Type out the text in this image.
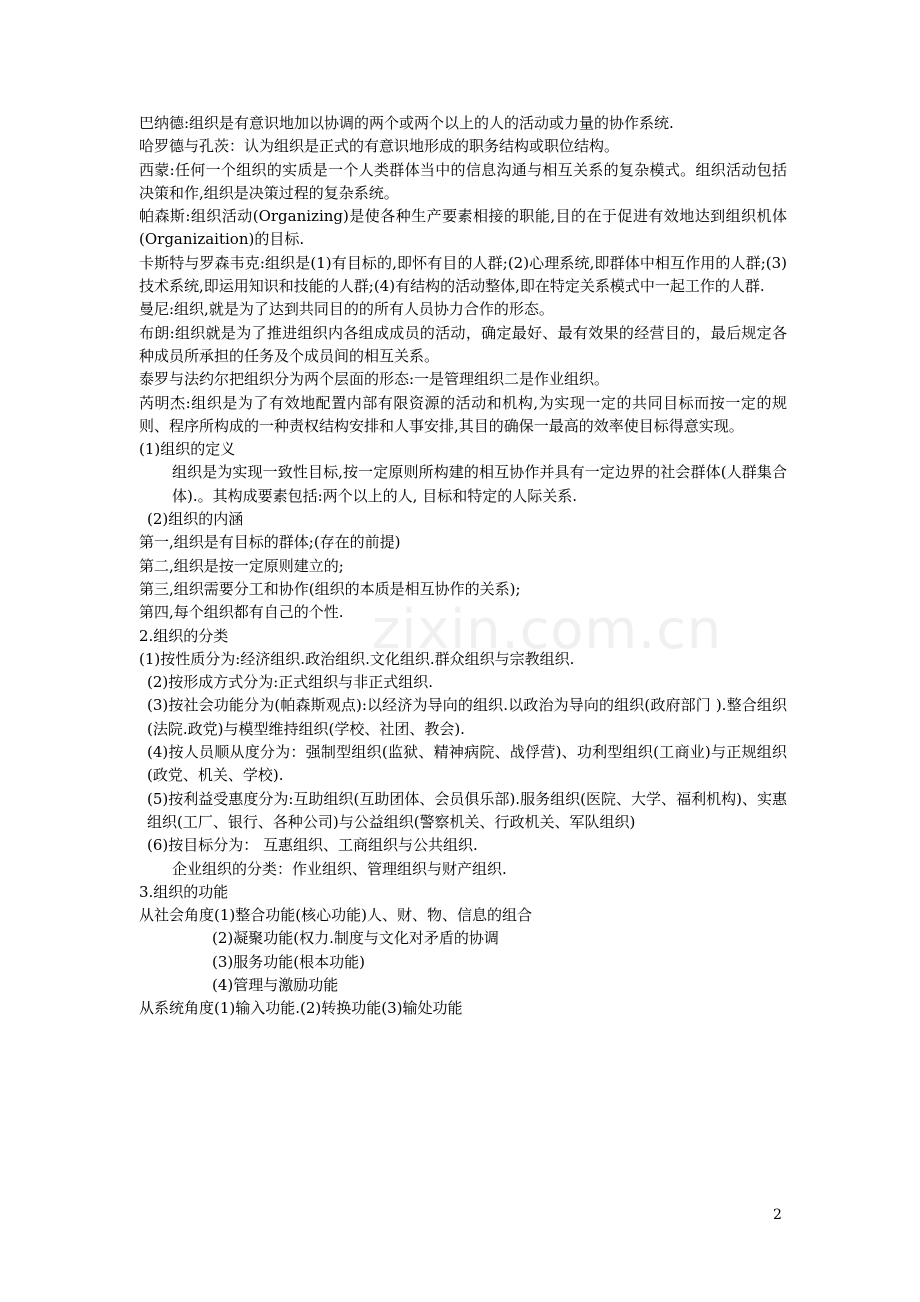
zixin.com.cn

巴纳德:组织是有意识地加以协调的两个或两个以上的人的活动或力量的协作系统.

哈罗德与孔茨：认为组织是正式的有意识地形成的职务结构或职位结构。

西蒙:任何一个组织的实质是一个人类群体当中的信息沟通与相互关系的复杂模式。组织活动包括决策和作,组织是决策过程的复杂系统。

帕森斯:组织活动(Organizing)是使各种生产要素相接的职能,目的在于促进有效地达到组织机体(Organizaition)的目标.

卡斯特与罗森韦克:组织是(1)有目标的,即怀有目的人群;(2)心理系统,即群体中相互作用的人群;(3)技术系统,即运用知识和技能的人群;(4)有结构的活动整体,即在特定关系模式中一起工作的人群.

曼尼:组织,就是为了达到共同目的的所有人员协力合作的形态。

布朗:组织就是为了推进组织内各组成成员的活动，确定最好、最有效果的经营目的，最后规定各种成员所承担的任务及个成员间的相互关系。

泰罗与法约尔把组织分为两个层面的形态:一是管理组织二是作业组织。

芮明杰:组织是为了有效地配置内部有限资源的活动和机构,为实现一定的共同目标而按一定的规则、程序所构成的一种责权结构安排和人事安排,其目的确保一最高的效率使目标得意实现。

(1)组织的定义

组织是为实现一致性目标,按一定原则所构建的相互协作并具有一定边界的社会群体(人群集合体).。其构成要素包括:两个以上的人, 目标和特定的人际关系.

(2)组织的内涵

第一,组织是有目标的群体;(存在的前提)

第二,组织是按一定原则建立的;

第三,组织需要分工和协作(组织的本质是相互协作的关系);

第四,每个组织都有自己的个性.

2.组织的分类

(1)按性质分为:经济组织.政治组织.文化组织.群众组织与宗教组织.

(2)按形成方式分为:正式组织与非正式组织.

(3)按社会功能分为(帕森斯观点):以经济为导向的组织.以政治为导向的组织(政府部门 ).整合组织(法院.政党)与模型维持组织(学校、社团、教会).

(4)按人员顺从度分为：强制型组织(监狱、精神病院、战俘营)、功利型组织(工商业)与正规组织(政党、机关、学校).

(5)按利益受惠度分为:互助组织(互助团体、会员俱乐部).服务组织(医院、大学、福利机构)、实惠组织(工厂、银行、各种公司)与公益组织(警察机关、行政机关、军队组织)

(6)按目标分为： 互惠组织、工商组织与公共组织.

企业组织的分类：作业组织、管理组织与财产组织.

3.组织的功能

从社会角度(1)整合功能(核心功能)人、财、物、信息的组合

(2)凝聚功能(权力.制度与文化对矛盾的协调

(3)服务功能(根本功能)

(4)管理与激励功能

从系统角度(1)输入功能.(2)转换功能(3)输处功能

2
